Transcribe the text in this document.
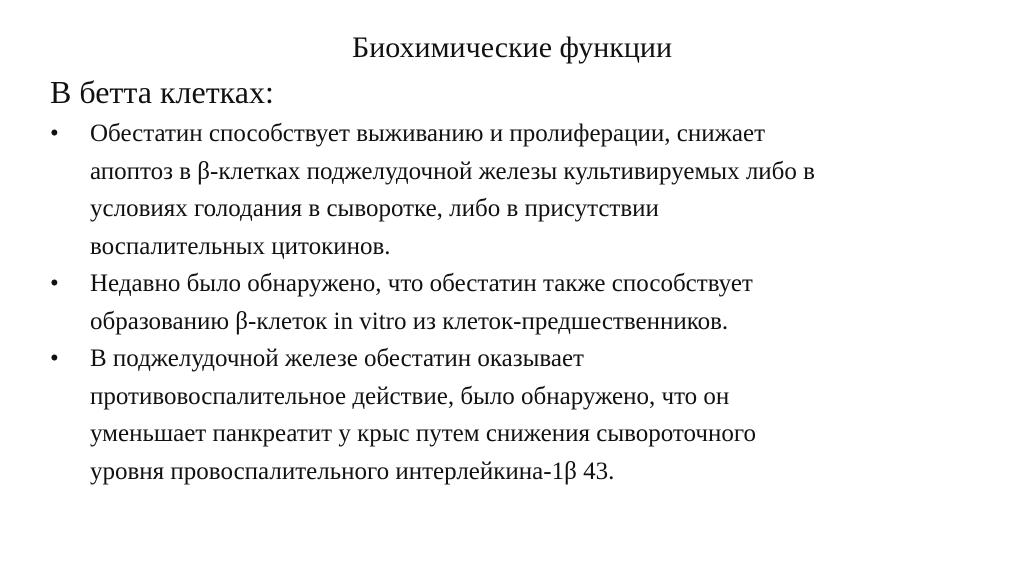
Биохимические функции
В бетта клетках:
• Обестатин способствует выживанию и пролиферации, снижает
апоптоз в β-клетках поджелудочной железы культивируемых либо в
условиях голодания в сыворотке, либо в присутствии
воспалительных цитокинов.
• Недавно было обнаружено, что обестатин также способствует
образованию β-клеток in vitro из клеток-предшественников.
• В поджелудочной железе обестатин оказывает
противовоспалительное действие, было обнаружено, что он
уменьшает панкреатит у крыс путем снижения сывороточного
уровня провоспалительного интерлейкина-1β 43.
